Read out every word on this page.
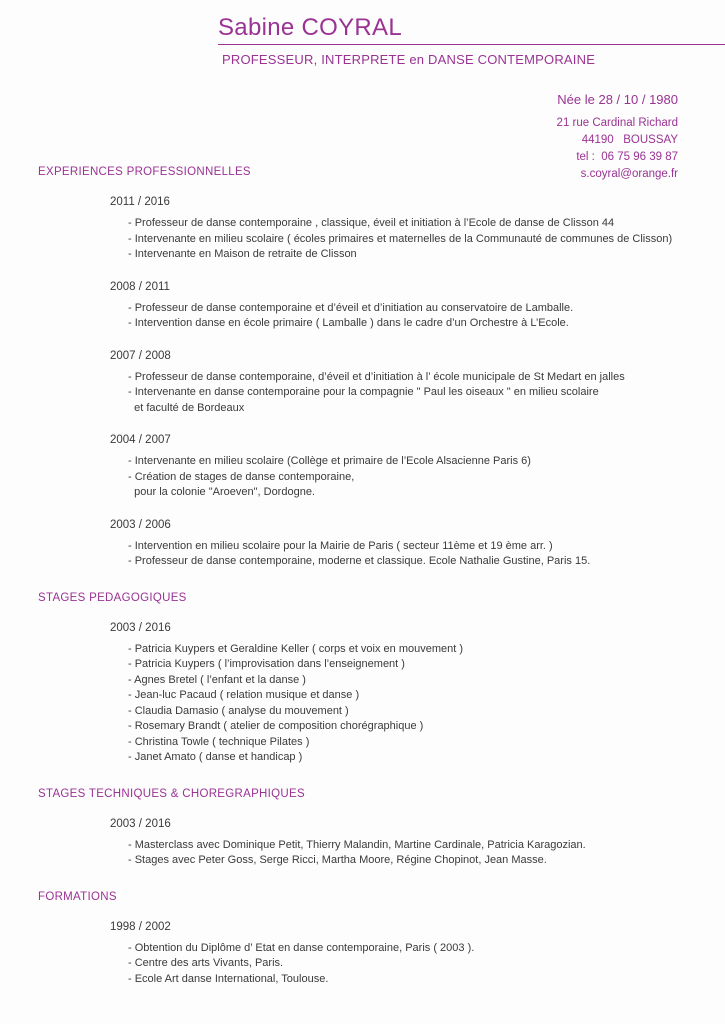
Sabine COYRAL
PROFESSEUR, INTERPRETE en DANSE CONTEMPORAINE
Née le 28 / 10 / 1980
21 rue Cardinal Richard
44190   BOUSSAY
tel :  06 75 96 39 87
s.coyral@orange.fr
EXPERIENCES PROFESSIONNELLES
2011 / 2016
- Professeur de danse contemporaine , classique, éveil et initiation à l’Ecole de danse de Clisson 44
- Intervenante en milieu scolaire ( écoles primaires et maternelles de la Communauté de communes de Clisson)
- Intervenante en Maison de retraite de Clisson
2008 / 2011
- Professeur de danse contemporaine et d’éveil et d’initiation au conservatoire de Lamballe.
- Intervention danse en école primaire ( Lamballe ) dans le cadre d’un Orchestre à L’Ecole.
2007 / 2008
- Professeur de danse contemporaine, d’éveil et d’initiation à l’ école municipale de St Medart en jalles
- Intervenante en danse contemporaine pour la compagnie " Paul les oiseaux " en milieu scolaire
et faculté de Bordeaux
2004 / 2007
- Intervenante en milieu scolaire (Collège et primaire de l’Ecole Alsacienne Paris 6)
- Création de stages de danse contemporaine,
pour la colonie "Aroeven", Dordogne.
2003 / 2006
- Intervention en milieu scolaire pour la Mairie de Paris ( secteur 11ème et 19 ème arr. )
- Professeur de danse contemporaine, moderne et classique. Ecole Nathalie Gustine, Paris 15.
STAGES PEDAGOGIQUES
2003 / 2016
- Patricia Kuypers et Geraldine Keller ( corps et voix en mouvement )
- Patricia Kuypers ( l’improvisation dans l’enseignement )
- Agnes Bretel ( l’enfant et la danse )
- Jean-luc Pacaud ( relation musique et danse )
- Claudia Damasio ( analyse du mouvement )
- Rosemary Brandt ( atelier de composition chorégraphique )
- Christina Towle ( technique Pilates )
- Janet Amato ( danse et handicap )
STAGES TECHNIQUES & CHOREGRAPHIQUES
2003 / 2016
- Masterclass avec Dominique Petit, Thierry Malandin, Martine Cardinale, Patricia Karagozian.
- Stages avec Peter Goss, Serge Ricci, Martha Moore, Régine Chopinot, Jean Masse.
FORMATIONS
1998 / 2002
- Obtention du Diplôme d’ Etat en danse contemporaine, Paris ( 2003 ).
- Centre des arts Vivants, Paris.
- Ecole Art danse International, Toulouse.
